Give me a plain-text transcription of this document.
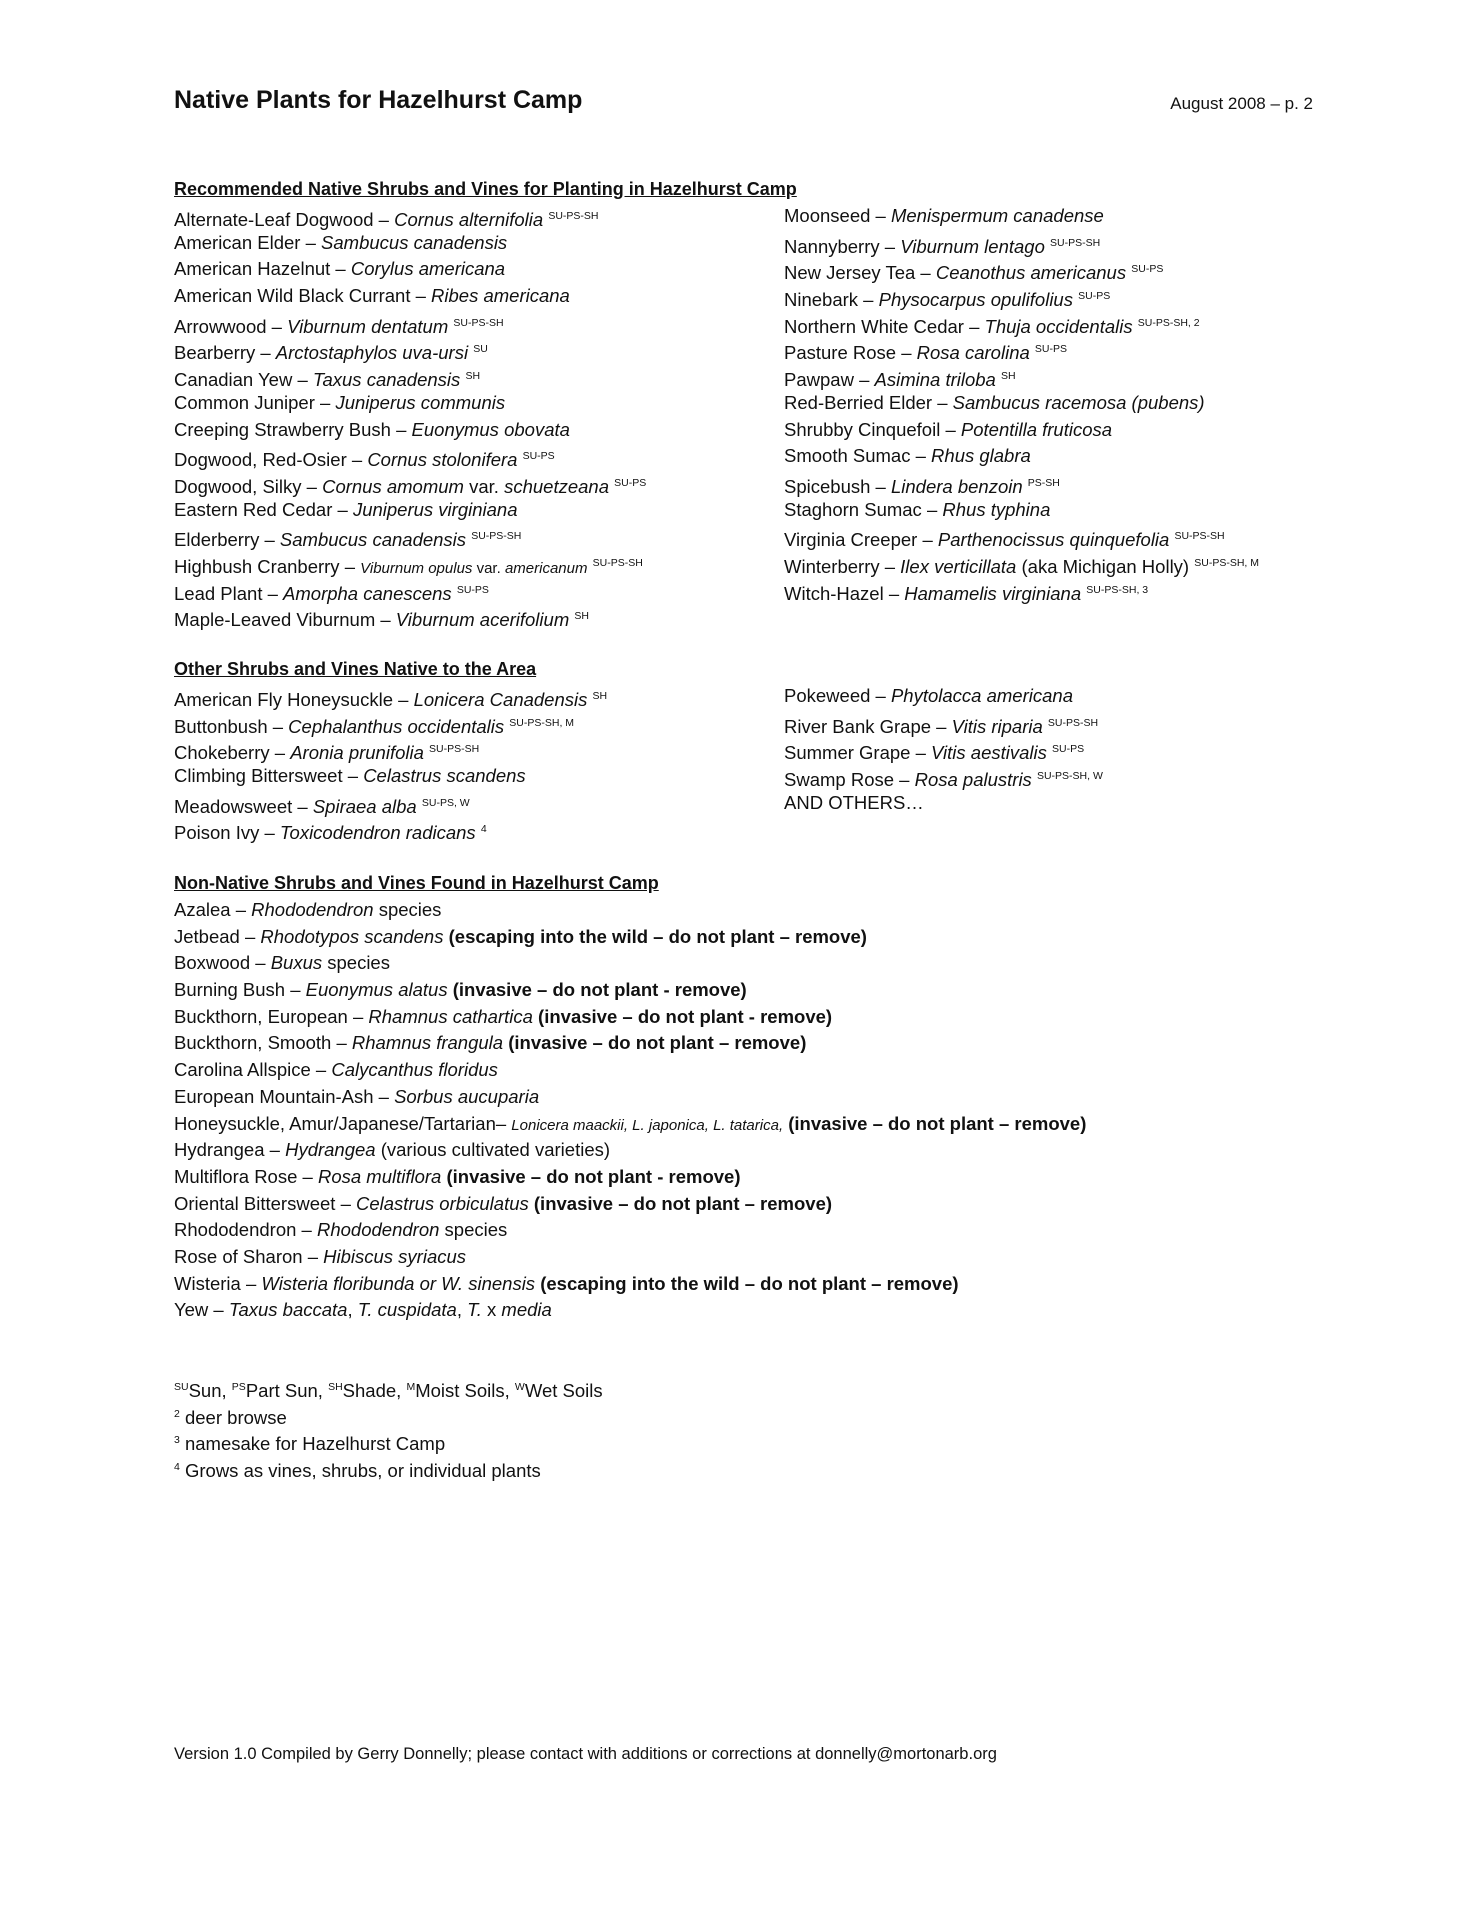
Native Plants for Hazelhurst Camp	August 2008 – p. 2
Recommended Native Shrubs and Vines for Planting in Hazelhurst Camp
Alternate-Leaf Dogwood – Cornus alternifolia $^{SU-PS-SH}$
American Elder – Sambucus canadensis
American Hazelnut – Corylus americana
American Wild Black Currant – Ribes americana
Arrowwood – Viburnum dentatum $^{SU-PS-SH}$
Bearberry – Arctostaphylos uva-ursi $^{SU}$
Canadian Yew – Taxus canadensis $^{SH}$
Common Juniper – Juniperus communis
Creeping Strawberry Bush – Euonymus obovata
Dogwood, Red-Osier – Cornus stolonifera $^{SU-PS}$
Dogwood, Silky – Cornus amomum var. schuetzeana $^{SU-PS}$
Eastern Red Cedar – Juniperus virginiana
Elderberry – Sambucus canadensis $^{SU-PS-SH}$
Highbush Cranberry – Viburnum opulus var. americanum $^{SU-PS-SH}$
Lead Plant – Amorpha canescens $^{SU-PS}$
Maple-Leaved Viburnum – Viburnum acerifolium $^{SH}$
Moonseed – Menispermum canadense
Nannyberry – Viburnum lentago $^{SU-PS-SH}$
New Jersey Tea – Ceanothus americanus $^{SU-PS}$
Ninebark – Physocarpus opulifolius $^{SU-PS}$
Northern White Cedar – Thuja occidentalis $^{SU-PS-SH, 2}$
Pasture Rose – Rosa carolina $^{SU-PS}$
Pawpaw – Asimina triloba $^{SH}$
Red-Berried Elder – Sambucus racemosa (pubens)
Shrubby Cinquefoil – Potentilla fruticosa
Smooth Sumac – Rhus glabra
Spicebush – Lindera benzoin $^{PS-SH}$
Staghorn Sumac – Rhus typhina
Virginia Creeper – Parthenocissus quinquefolia $^{SU-PS-SH}$
Winterberry – Ilex verticillata (aka Michigan Holly) $^{SU-PS-SH, M}$
Witch-Hazel – Hamamelis virginiana $^{SU-PS-SH, 3}$
Other Shrubs and Vines Native to the Area
American Fly Honeysuckle – Lonicera Canadensis $^{SH}$
Buttonbush – Cephalanthus occidentalis $^{SU-PS-SH, M}$
Chokeberry – Aronia prunifolia $^{SU-PS-SH}$
Climbing Bittersweet – Celastrus scandens
Meadowsweet – Spiraea alba $^{SU-PS, W}$
Poison Ivy – Toxicodendron radicans $^4$
Pokeweed – Phytolacca americana
River Bank Grape – Vitis riparia $^{SU-PS-SH}$
Summer Grape – Vitis aestivalis $^{SU-PS}$
Swamp Rose – Rosa palustris $^{SU-PS-SH, W}$
AND OTHERS…
Non-Native Shrubs and Vines Found in Hazelhurst Camp
Azalea – Rhododendron species
Jetbead – Rhodotypos scandens (escaping into the wild – do not plant – remove)
Boxwood – Buxus species
Burning Bush – Euonymus alatus (invasive – do not plant - remove)
Buckthorn, European – Rhamnus cathartica (invasive – do not plant - remove)
Buckthorn, Smooth – Rhamnus frangula (invasive – do not plant – remove)
Carolina Allspice – Calycanthus floridus
European Mountain-Ash – Sorbus aucuparia
Honeysuckle, Amur/Japanese/Tartarian– Lonicera maackii, L. japonica, L. tatarica, (invasive – do not plant – remove)
Hydrangea – Hydrangea (various cultivated varieties)
Multiflora Rose – Rosa multiflora (invasive – do not plant - remove)
Oriental Bittersweet – Celastrus orbiculatus (invasive – do not plant – remove)
Rhododendron – Rhododendron species
Rose of Sharon – Hibiscus syriacus
Wisteria – Wisteria floribunda or W. sinensis (escaping into the wild – do not plant – remove)
Yew – Taxus baccata, T. cuspidata, T. x media
$^{SU}$Sun, $^{PS}$Part Sun, $^{SH}$Shade, $^M$Moist Soils, $^W$Wet Soils
$^2$ deer browse
$^3$ namesake for Hazelhurst Camp
$^4$ Grows as vines, shrubs, or individual plants
Version 1.0 Compiled by Gerry Donnelly; please contact with additions or corrections at donnelly@mortonarb.org
